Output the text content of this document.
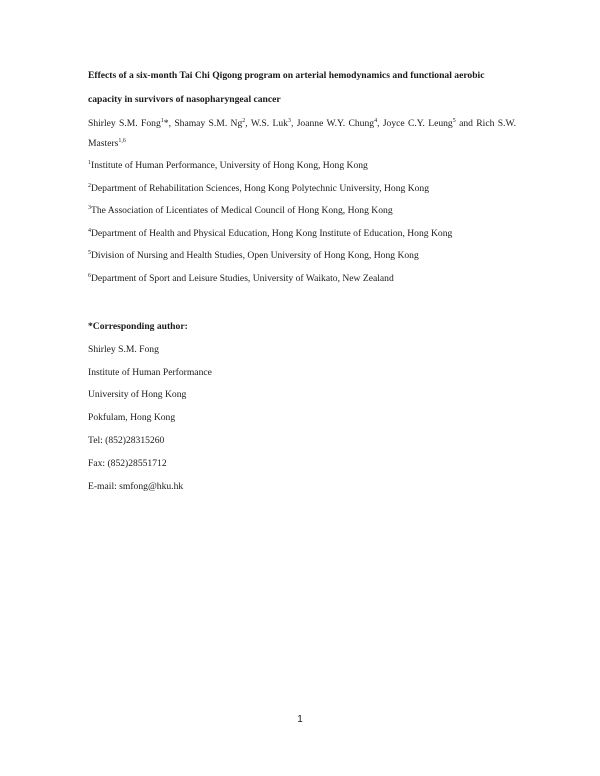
Effects of a six-month Tai Chi Qigong program on arterial hemodynamics and functional aerobic capacity in survivors of nasopharyngeal cancer
Shirley S.M. Fong$^1$*, Shamay S.M. Ng$^2$, W.S. Luk$^3$, Joanne W.Y. Chung$^4$, Joyce C.Y. Leung$^5$ and Rich S.W. Masters$^{1,6}$
$^1$Institute of Human Performance, University of Hong Kong, Hong Kong
$^2$Department of Rehabilitation Sciences, Hong Kong Polytechnic University, Hong Kong
$^3$The Association of Licentiates of Medical Council of Hong Kong, Hong Kong
$^4$Department of Health and Physical Education, Hong Kong Institute of Education, Hong Kong
$^5$Division of Nursing and Health Studies, Open University of Hong Kong, Hong Kong
$^6$Department of Sport and Leisure Studies, University of Waikato, New Zealand
*Corresponding author:
Shirley S.M. Fong
Institute of Human Performance
University of Hong Kong
Pokfulam, Hong Kong
Tel: (852)28315260
Fax: (852)28551712
E-mail: smfong@hku.hk
1
